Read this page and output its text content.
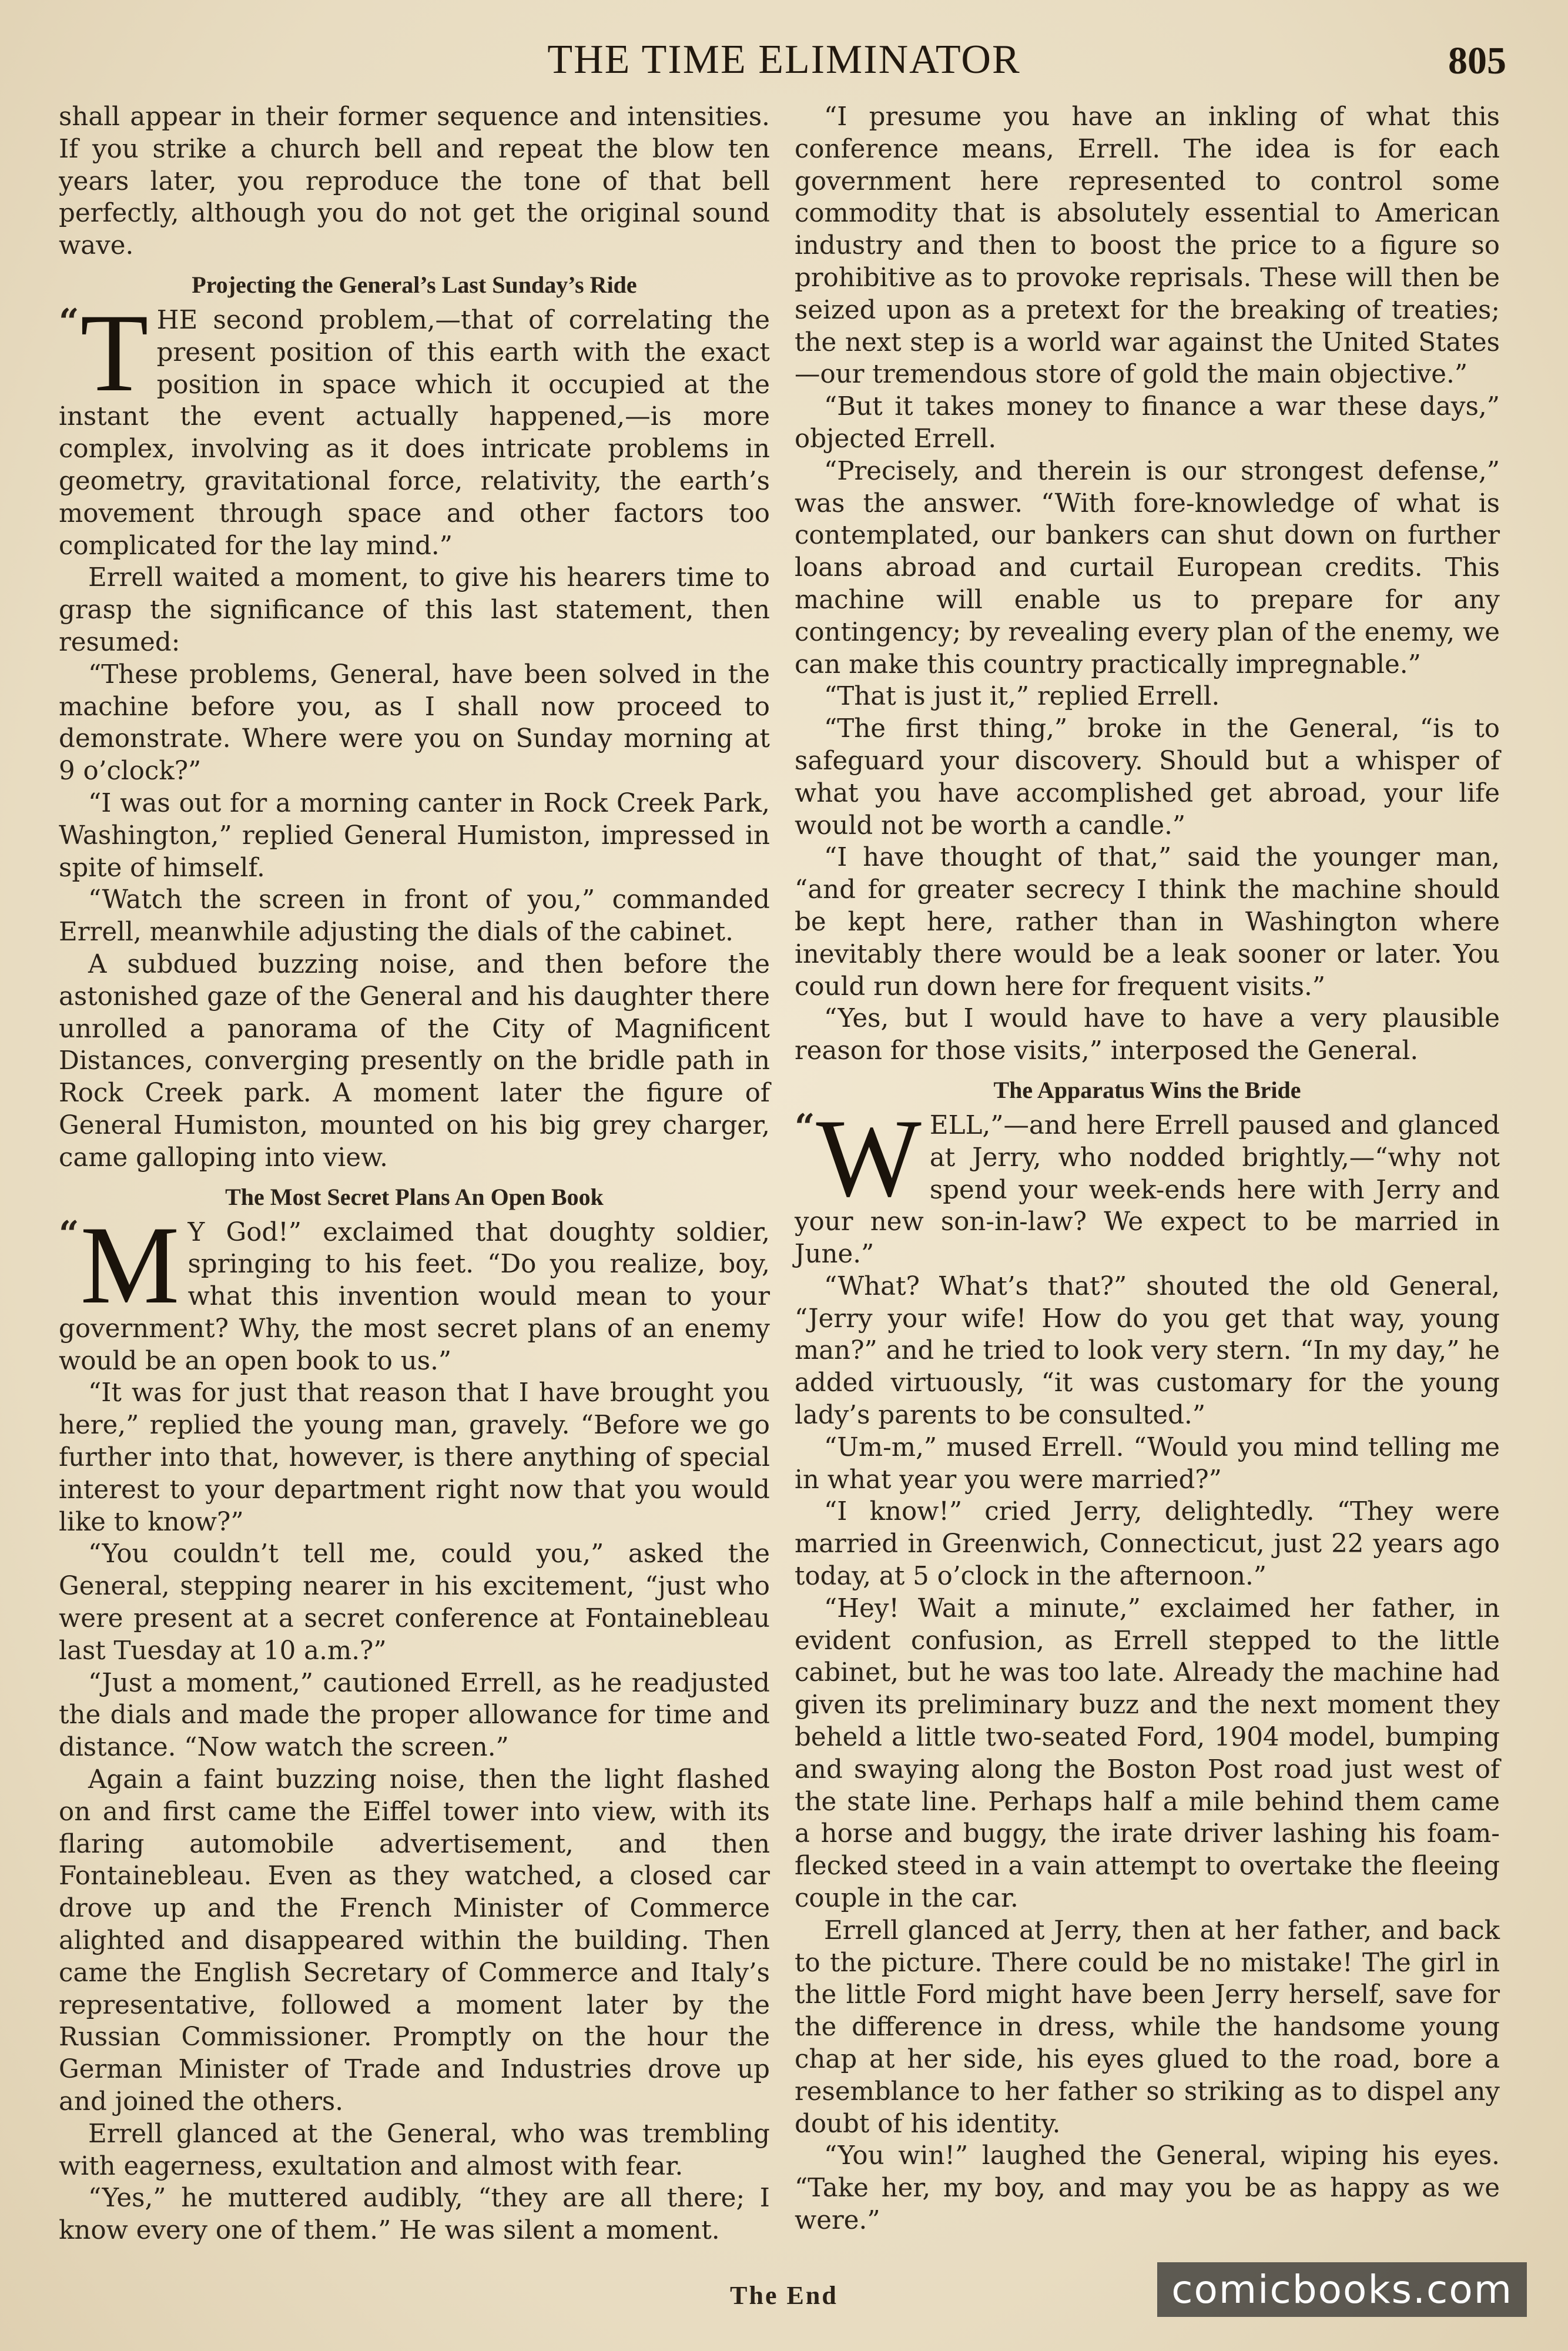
THE TIME ELIMINATOR	805

shall appear in their former sequence and intensities. If you strike a church bell and repeat the blow ten years later, you reproduce the tone of that bell perfectly, although you do not get the original sound wave.

Projecting the General’s Last Sunday’s Ride

“ T HE second problem,—that of correlating the present position of this earth with the exact position in space which it occupied at the instant the event actually happened,—is more complex, involving as it does intricate problems in geometry, gravitational force, relativity, the earth’s movement through space and other factors too complicated for the lay mind.”

Errell waited a moment, to give his hearers time to grasp the significance of this last statement, then resumed:

“These problems, General, have been solved in the machine before you, as I shall now proceed to demonstrate. Where were you on Sunday morning at 9 o’clock?”

“I was out for a morning canter in Rock Creek Park, Washington,” replied General Humiston, impressed in spite of himself.

“Watch the screen in front of you,” commanded Errell, meanwhile adjusting the dials of the cabinet.

A subdued buzzing noise, and then before the astonished gaze of the General and his daughter there unrolled a panorama of the City of Magnificent Distances, converging presently on the bridle path in Rock Creek park. A moment later the figure of General Humiston, mounted on his big grey charger, came galloping into view.

The Most Secret Plans An Open Book

“ M Y God!” exclaimed that doughty soldier, springing to his feet. “Do you realize, boy, what this invention would mean to your government? Why, the most secret plans of an enemy would be an open book to us.”

“It was for just that reason that I have brought you here,” replied the young man, gravely. “Before we go further into that, however, is there anything of special interest to your department right now that you would like to know?”

“You couldn’t tell me, could you,” asked the General, stepping nearer in his excitement, “just who were present at a secret conference at Fontainebleau last Tuesday at 10 a.m.?”

“Just a moment,” cautioned Errell, as he readjusted the dials and made the proper allowance for time and distance. “Now watch the screen.”

Again a faint buzzing noise, then the light flashed on and first came the Eiffel tower into view, with its flaring automobile advertisement, and then Fontainebleau. Even as they watched, a closed car drove up and the French Minister of Commerce alighted and disappeared within the building. Then came the English Secretary of Commerce and Italy’s representative, followed a moment later by the Russian Commissioner. Promptly on the hour the German Minister of Trade and Industries drove up and joined the others.

Errell glanced at the General, who was trembling with eagerness, exultation and almost with fear.

“Yes,” he muttered audibly, “they are all there; I know every one of them.” He was silent a moment.

“I presume you have an inkling of what this conference means, Errell. The idea is for each government here represented to control some commodity that is absolutely essential to American industry and then to boost the price to a figure so prohibitive as to provoke reprisals. These will then be seized upon as a pretext for the breaking of treaties; the next step is a world war against the United States —our tremendous store of gold the main objective.”

“But it takes money to finance a war these days,” objected Errell.

“Precisely, and therein is our strongest defense,” was the answer. “With fore-knowledge of what is contemplated, our bankers can shut down on further loans abroad and curtail European credits. This machine will enable us to prepare for any contingency; by revealing every plan of the enemy, we can make this country practically impregnable.”

“That is just it,” replied Errell.

“The first thing,” broke in the General, “is to safeguard your discovery. Should but a whisper of what you have accomplished get abroad, your life would not be worth a candle.”

“I have thought of that,” said the younger man, “and for greater secrecy I think the machine should be kept here, rather than in Washington where inevitably there would be a leak sooner or later. You could run down here for frequent visits.”

“Yes, but I would have to have a very plausible reason for those visits,” interposed the General.

The Apparatus Wins the Bride

“ W ELL,”—and here Errell paused and glanced at Jerry, who nodded brightly,—“why not spend your week-ends here with Jerry and your new son-in-law? We expect to be married in June.”

“What? What’s that?” shouted the old General, “Jerry your wife! How do you get that way, young man?” and he tried to look very stern. “In my day,” he added virtuously, “it was customary for the young lady’s parents to be consulted.”

“Um-m,” mused Errell. “Would you mind telling me in what year you were married?”

“I know!” cried Jerry, delightedly. “They were married in Greenwich, Connecticut, just 22 years ago today, at 5 o’clock in the afternoon.”

“Hey! Wait a minute,” exclaimed her father, in evident confusion, as Errell stepped to the little cabinet, but he was too late. Already the machine had given its preliminary buzz and the next moment they beheld a little two-seated Ford, 1904 model, bumping and swaying along the Boston Post road just west of the state line. Perhaps half a mile behind them came a horse and buggy, the irate driver lashing his foam-flecked steed in a vain attempt to overtake the fleeing couple in the car.

Errell glanced at Jerry, then at her father, and back to the picture. There could be no mistake! The girl in the little Ford might have been Jerry herself, save for the difference in dress, while the handsome young chap at her side, his eyes glued to the road, bore a resemblance to her father so striking as to dispel any doubt of his identity.

“You win!” laughed the General, wiping his eyes. “Take her, my boy, and may you be as happy as we were.”

The End	comicbooks.com
